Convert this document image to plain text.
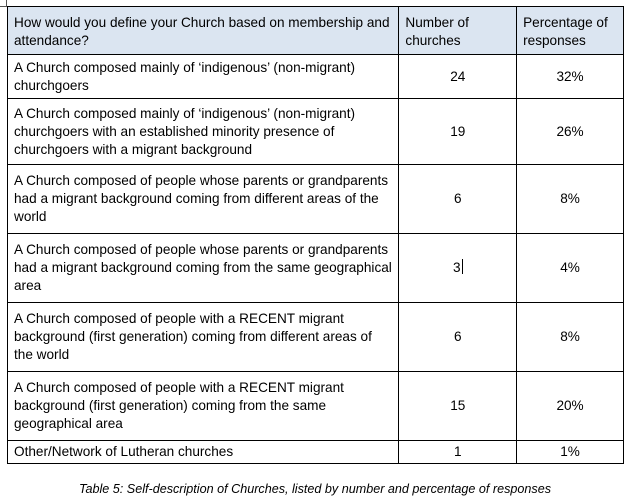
How would you define your Church based on membership and attendance?	Number of churches	Percentage of responses
A Church composed mainly of ‘indigenous’ (non-migrant) churchgoers	24	32%
A Church composed mainly of ‘indigenous’ (non-migrant) churchgoers with an established minority presence of churchgoers with a migrant background	19	26%
A Church composed of people whose parents or grandparents had a migrant background coming from different areas of the world	6	8%
A Church composed of people whose parents or grandparents had a migrant background coming from the same geographical area	3	4%
A Church composed of people with a RECENT migrant background (first generation) coming from different areas of the world	6	8%
A Church composed of people with a RECENT migrant background (first generation) coming from the same geographical area	15	20%
Other/Network of Lutheran churches	1	1%
Table 5: Self-description of Churches, listed by number and percentage of responses
